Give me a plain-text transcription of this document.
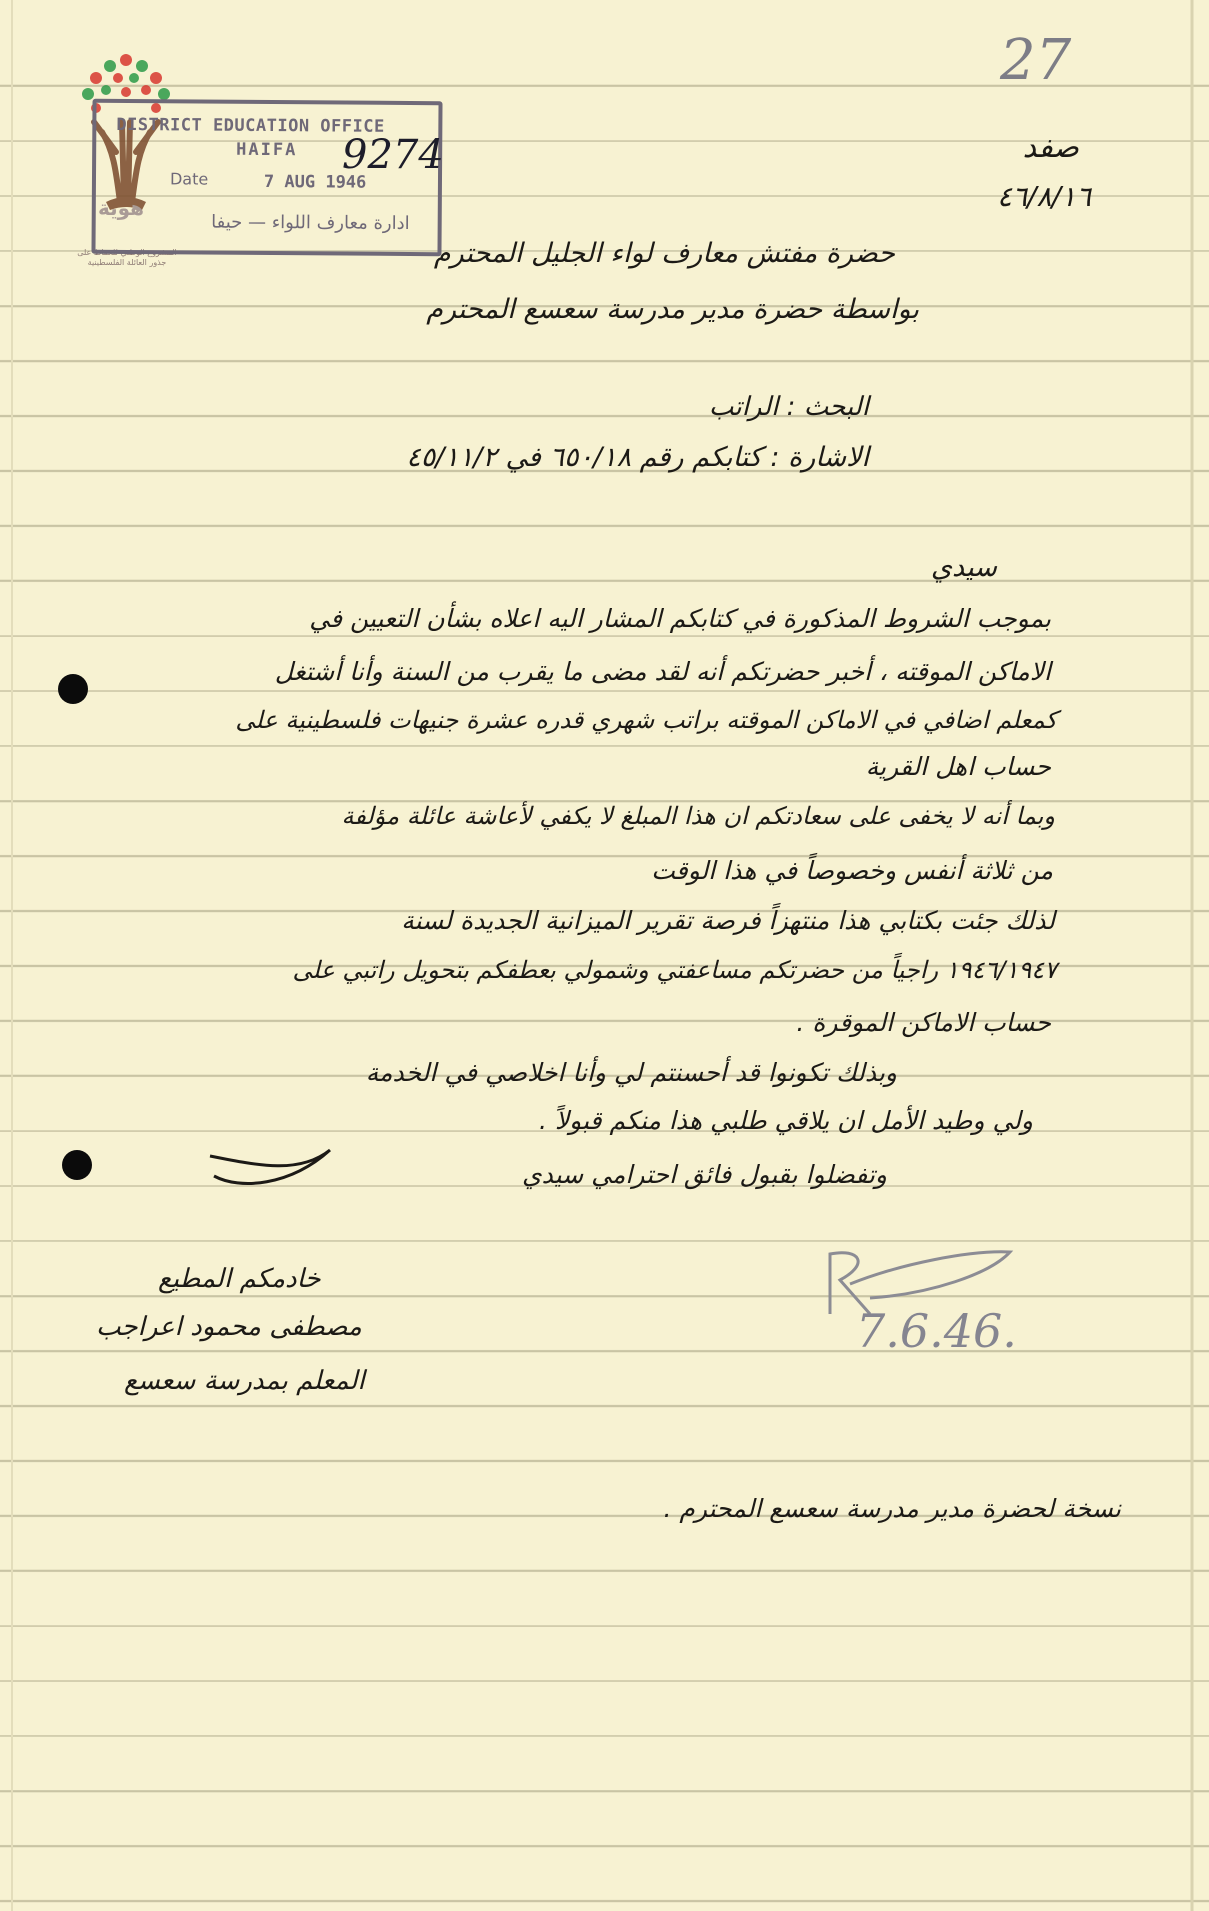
هوية
المشروع الوطني للحفاظ على
جذور العائلة الفلسطينية
DISTRICT EDUCATION OFFICE
HAIFA
Date	7 AUG 1946
ادارة معارف اللواء — حيفا
9274
27
صفد
٤٦/٨/١٦
حضرة مفتش معارف لواء الجليل المحترم
بواسطة حضرة مدير مدرسة سعسع المحترم
البحث : الراتب
الاشارة : كتابكم رقم ٦٥٠/١٨ في ٤٥/١١/٢
سيدي
بموجب الشروط المذكورة في كتابكم المشار اليه اعلاه بشأن التعيين في
الاماكن الموقته ، أخبر حضرتكم أنه لقد مضى ما يقرب من السنة وأنا أشتغل
كمعلم اضافي في الاماكن الموقته براتب شهري قدره عشرة جنيهات فلسطينية على
حساب اهل القرية
وبما أنه لا يخفى على سعادتكم ان هذا المبلغ لا يكفي لأعاشة عائلة مؤلفة
من ثلاثة أنفس وخصوصاً في هذا الوقت
لذلك جئت بكتابي هذا منتهزاً فرصة تقرير الميزانية الجديدة لسنة
١٩٤٦/١٩٤٧ راجياً من حضرتكم مساعفتي وشمولي بعطفكم بتحويل راتبي على
حساب الاماكن الموقرة .
وبذلك تكونوا قد أحسنتم لي وأنا اخلاصي في الخدمة
ولي وطيد الأمل ان يلاقي طلبي هذا منكم قبولاً .
وتفضلوا بقبول فائق احترامي سيدي
خادمكم المطيع
مصطفى محمود اعراجب
المعلم بمدرسة سعسع
7.6.46.
نسخة لحضرة مدير مدرسة سعسع المحترم .
